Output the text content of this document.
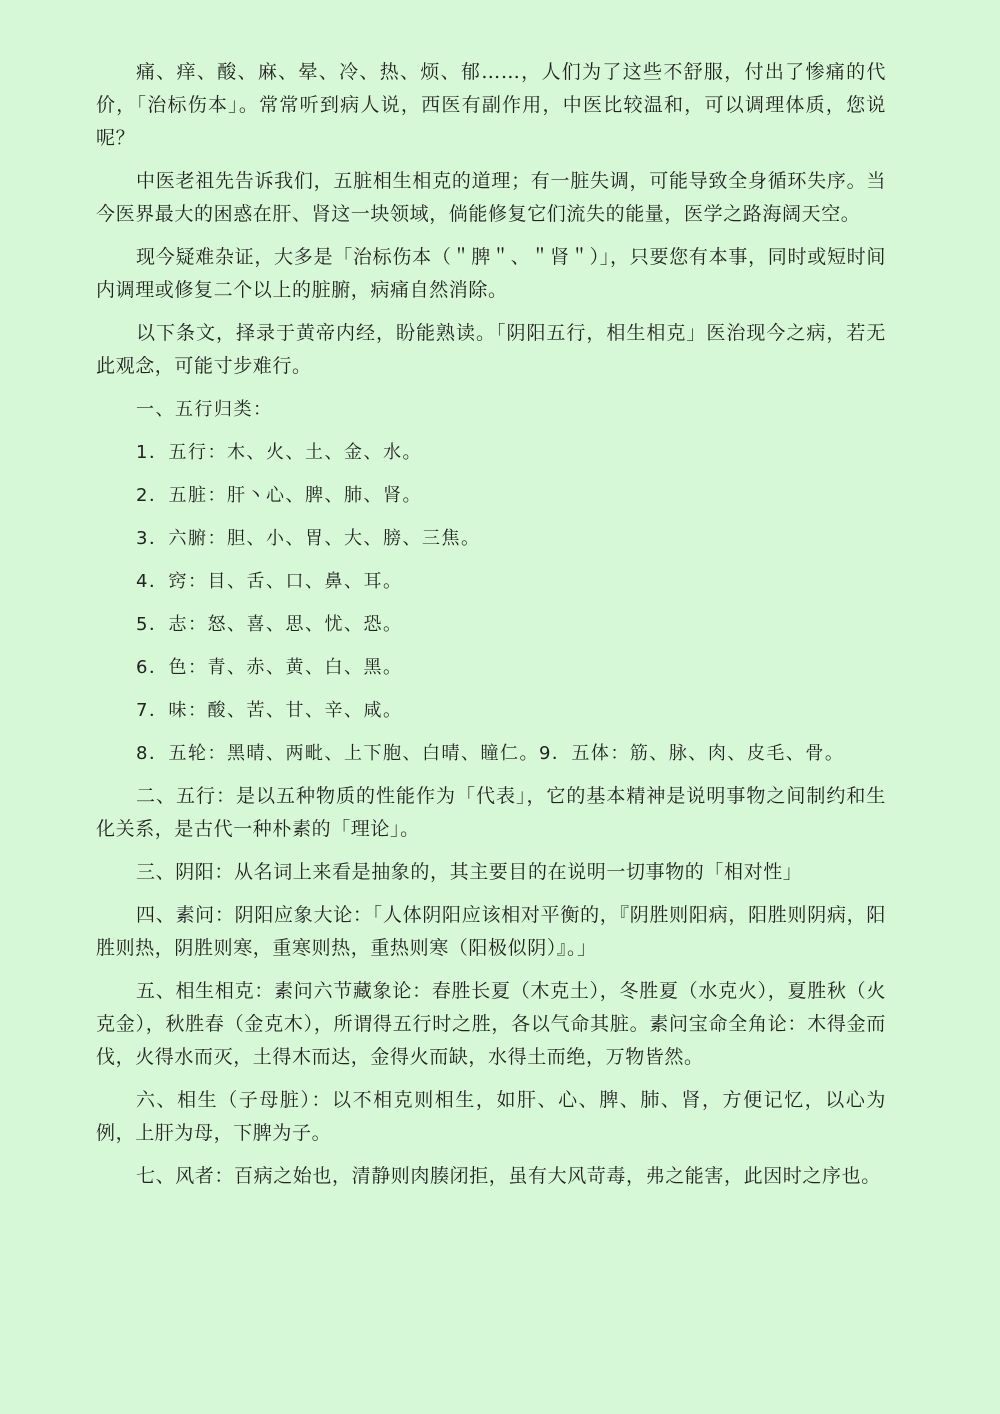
痛、痒、酸、麻、晕、冷、热、烦、郁……，人们为了这些不舒服，付出了惨痛的代价，「治标伤本」。常常听到病人说，西医有副作用，中医比较温和，可以调理体质，您说呢？

中医老祖先告诉我们，五脏相生相克的道理；有一脏失调，可能导致全身循环失序。当今医界最大的困惑在肝、肾这一块领域，倘能修复它们流失的能量，医学之路海阔天空。

现今疑难杂证，大多是「治标伤本（＂脾＂、＂肾＂）」，只要您有本事，同时或短时间内调理或修复二个以上的脏腑，病痛自然消除。

以下条文，择录于黄帝内经，盼能熟读。「阴阳五行，相生相克」医治现今之病，若无此观念，可能寸步难行。

一、五行归类：
1．五行：木、火、土、金、水。
2．五脏：肝丶心、脾、肺、肾。
3．六腑：胆、小、胃、大、膀、三焦。
4．窍：目、舌、口、鼻、耳。
5．志：怒、喜、思、忧、恐。
6．色：青、赤、黄、白、黑。
7．味：酸、苦、甘、辛、咸。
8．五轮：黑晴、两毗、上下胞、白晴、瞳仁。9．五体：筋、脉、肉、皮毛、骨。

二、五行：是以五种物质的性能作为「代表」，它的基本精神是说明事物之间制约和生化关系，是古代一种朴素的「理论」。

三、阴阳：从名词上来看是抽象的，其主要目的在说明一切事物的「相对性」

四、素问：阴阳应象大论：「人体阴阳应该相对平衡的，『阴胜则阳病，阳胜则阴病，阳胜则热，阴胜则寒，重寒则热，重热则寒（阳极似阴）』。」

五、相生相克：素问六节藏象论：春胜长夏（木克土），冬胜夏（水克火），夏胜秋（火克金），秋胜春（金克木），所谓得五行时之胜，各以气命其脏。素问宝命全角论：木得金而伐，火得水而灭，土得木而达，金得火而缺，水得土而绝，万物皆然。

六、相生（子母脏）：以不相克则相生，如肝、心、脾、肺、肾，方便记忆，以心为例，上肝为母，下脾为子。

七、风者：百病之始也，清静则肉腠闭拒，虽有大风苛毒，弗之能害，此因时之序也。
